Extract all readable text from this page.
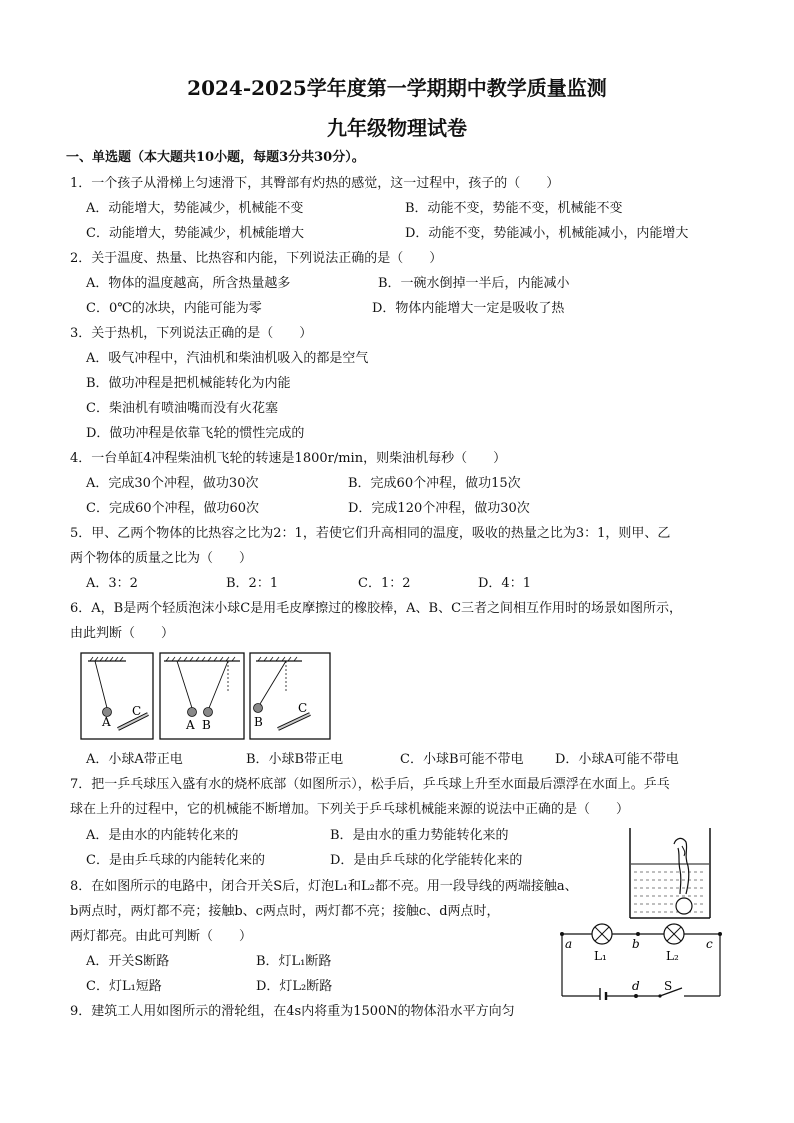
2024-2025学年度第一学期期中教学质量监测
九年级物理试卷
一、单选题（本大题共10小题，每题3分共30分）。
1．一个孩子从滑梯上匀速滑下，其臀部有灼热的感觉，这一过程中，孩子的（　　）
A．动能增大，势能减少，机械能不变	B．动能不变，势能不变，机械能不变
C．动能增大，势能减少，机械能增大	D．动能不变，势能减小，机械能减小，内能增大
2．关于温度、热量、比热容和内能，下列说法正确的是（　　）
A．物体的温度越高，所含热量越多	B．一碗水倒掉一半后，内能减小
C．0℃的冰块，内能可能为零	D．物体内能增大一定是吸收了热
3．关于热机，下列说法正确的是（　　）
A．吸气冲程中，汽油机和柴油机吸入的都是空气
B．做功冲程是把机械能转化为内能
C．柴油机有喷油嘴而没有火花塞
D．做功冲程是依靠飞轮的惯性完成的
4．一台单缸4冲程柴油机飞轮的转速是1800r/min，则柴油机每秒（　　）
A．完成30个冲程，做功30次	B．完成60个冲程，做功15次
C．完成60个冲程，做功60次	D．完成120个冲程，做功30次
5．甲、乙两个物体的比热容之比为2：1，若使它们升高相同的温度，吸收的热量之比为3：1，则甲、乙
两个物体的质量之比为（　　）
A．3：2	B．2：1	C．1：2	D．4：1
6．A，B是两个轻质泡沫小球C是用毛皮摩擦过的橡胶棒，A、B、C三者之间相互作用时的场景如图所示，
由此判断（　　）
A
C
A B	B
C
A．小球A带正电	B．小球B带正电	C．小球B可能不带电 D．小球A可能不带电
7．把一乒乓球压入盛有水的烧杯底部（如图所示），松手后，乒乓球上升至水面最后漂浮在水面上。乒乓
球在上升的过程中，它的机械能不断增加。下列关于乒乓球机械能来源的说法中正确的是（　　）
A．是由水的内能转化来的	B．是由水的重力势能转化来的
C．是由乒乓球的内能转化来的	D．是由乒乓球的化学能转化来的
8．在如图所示的电路中，闭合开关S后，灯泡L₁和L₂都不亮。用一段导线的两端接触a、
b两点时，两灯都不亮；接触b、c两点时，两灯都不亮；接触c、d两点时，
两灯都亮。由此可判断（　　）
A．开关S断路	B．灯L₁断路
C．灯L₁短路	D．灯L₂断路
a	b	c
d
L₁	L₂
S
9．建筑工人用如图所示的滑轮组，在4s内将重为1500N的物体沿水平方向匀
